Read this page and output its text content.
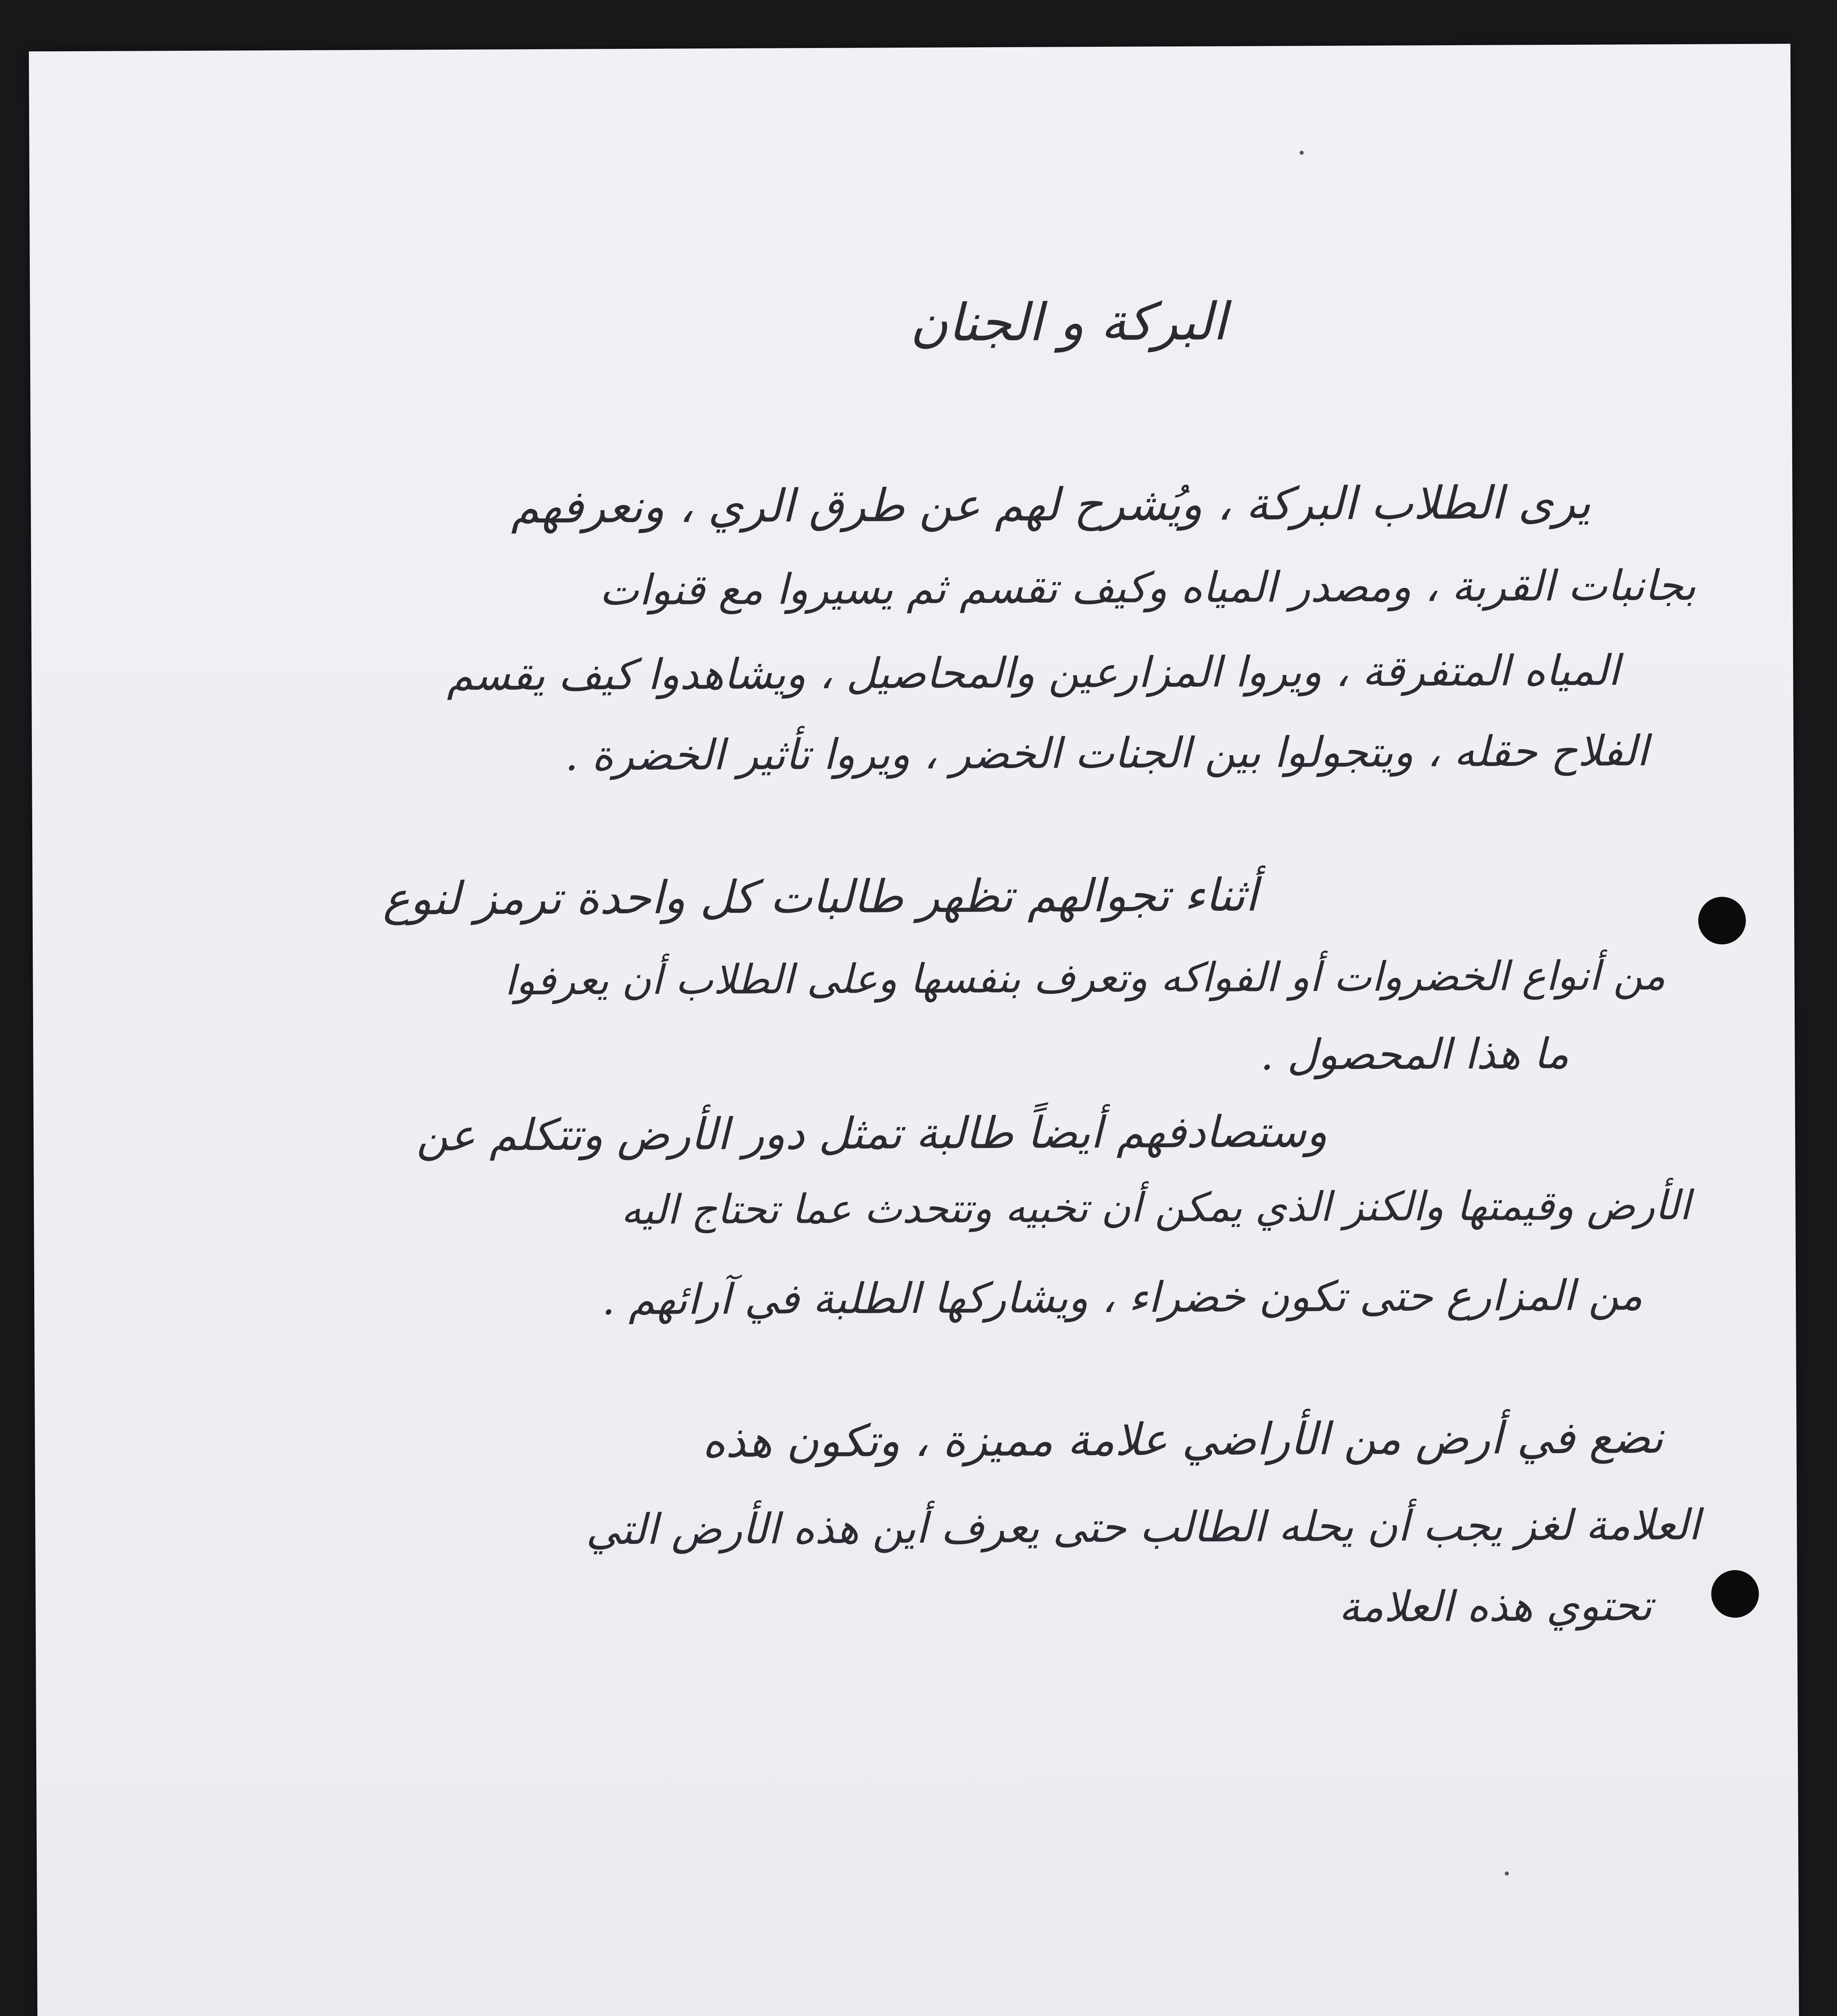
البركة و الجنان
يرى الطلاب البركة ، ويُشرح لهم عن طرق الري ، ونعرفهم
بجانبات القربة ، ومصدر المياه وكيف تقسم ثم يسيروا مع قنوات
المياه المتفرقة ، ويروا المزارعين والمحاصيل ، ويشاهدوا كيف يقسم
الفلاح حقله ، ويتجولوا بين الجنات الخضر ، ويروا تأثير الخضرة .
أثناء تجوالهم تظهر طالبات كل واحدة ترمز لنوع
من أنواع الخضروات أو الفواكه وتعرف بنفسها وعلى الطلاب أن يعرفوا
ما هذا المحصول .
وستصادفهم أيضاً طالبة تمثل دور الأرض وتتكلم عن
الأرض وقيمتها والكنز الذي يمكن أن تخبيه وتتحدث عما تحتاج اليه
من المزارع حتى تكون خضراء ، ويشاركها الطلبة في آرائهم .
نضع في أرض من الأراضي علامة مميزة ، وتكون هذه
العلامة لغز يجب أن يحله الطالب حتى يعرف أين هذه الأرض التي
تحتوي هذه العلامة
